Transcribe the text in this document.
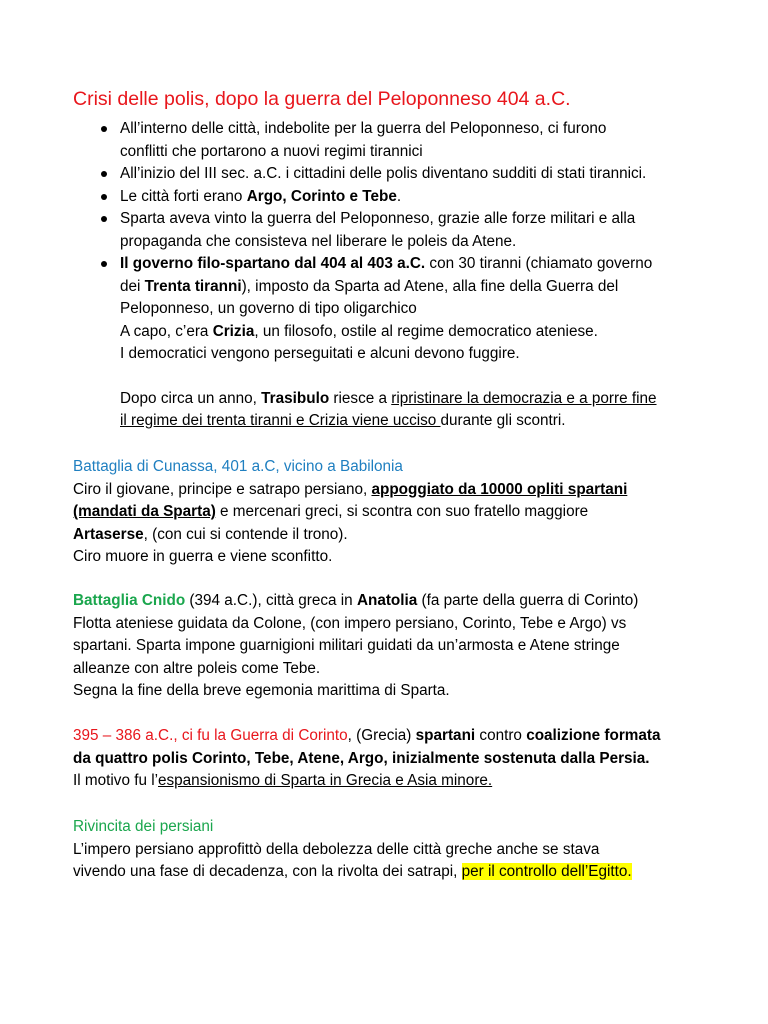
Crisi delle polis, dopo la guerra del Peloponneso 404 a.C.
All’interno delle città, indebolite per la guerra del Peloponneso, ci furono
conflitti che portarono a nuovi regimi tirannici
All’inizio del III sec. a.C. i cittadini delle polis diventano sudditi di stati tirannici.
Le città forti erano Argo, Corinto e Tebe.
Sparta aveva vinto la guerra del Peloponneso, grazie alle forze militari e alla
propaganda che consisteva nel liberare le poleis da Atene.
Il governo filo-spartano dal 404 al 403 a.C. con 30 tiranni (chiamato governo
dei Trenta tiranni), imposto da Sparta ad Atene, alla fine della Guerra del
Peloponneso, un governo di tipo oligarchico
A capo, c’era Crizia, un filosofo, ostile al regime democratico ateniese.
I democratici vengono perseguitati e alcuni devono fuggire.
Dopo circa un anno, Trasibulo riesce a ripristinare la democrazia e a porre fine
il regime dei trenta tiranni e Crizia viene ucciso durante gli scontri.
Battaglia di Cunassa, 401 a.C, vicino a Babilonia
Ciro il giovane, principe e satrapo persiano, appoggiato da 10000 opliti spartani
(mandati da Sparta) e mercenari greci, si scontra con suo fratello maggiore
Artaserse, (con cui si contende il trono).
Ciro muore in guerra e viene sconfitto.
Battaglia Cnido (394 a.C.), città greca in Anatolia (fa parte della guerra di Corinto)
Flotta ateniese guidata da Colone, (con impero persiano, Corinto, Tebe e Argo) vs
spartani. Sparta impone guarnigioni militari guidati da un’armosta e Atene stringe
alleanze con altre poleis come Tebe.
Segna la fine della breve egemonia marittima di Sparta.
395 – 386 a.C., ci fu la Guerra di Corinto, (Grecia) spartani contro coalizione formata
da quattro polis Corinto, Tebe, Atene, Argo, inizialmente sostenuta dalla Persia.
Il motivo fu l’espansionismo di Sparta in Grecia e Asia minore.
Rivincita dei persiani
L’impero persiano approfittò della debolezza delle città greche anche se stava
vivendo una fase di decadenza, con la rivolta dei satrapi, per il controllo dell’Egitto.
